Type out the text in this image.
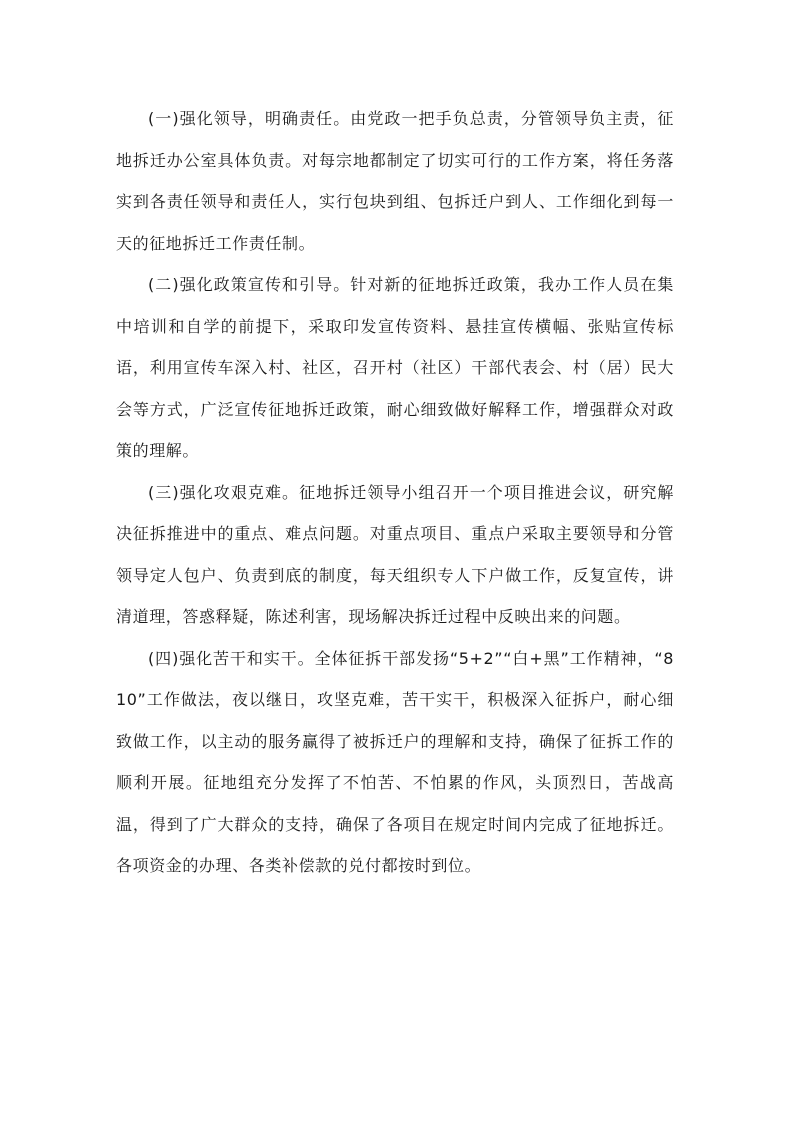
(一)强化领导，明确责任。由党政一把手负总责，分管领导负主责，征地拆迁办公室具体负责。对每宗地都制定了切实可行的工作方案，将任务落实到各责任领导和责任人，实行包块到组、包拆迁户到人、工作细化到每一天的征地拆迁工作责任制。

(二)强化政策宣传和引导。针对新的征地拆迁政策，我办工作人员在集中培训和自学的前提下，采取印发宣传资料、悬挂宣传横幅、张贴宣传标语，利用宣传车深入村、社区，召开村（社区）干部代表会、村（居）民大会等方式，广泛宣传征地拆迁政策，耐心细致做好解释工作，增强群众对政策的理解。

(三)强化攻艰克难。征地拆迁领导小组召开一个项目推进会议，研究解决征拆推进中的重点、难点问题。对重点项目、重点户采取主要领导和分管领导定人包户、负责到底的制度，每天组织专人下户做工作，反复宣传，讲清道理，答惑释疑，陈述利害，现场解决拆迁过程中反映出来的问题。

(四)强化苦干和实干。全体征拆干部发扬“5+2”“白+黑”工作精神，“810”工作做法，夜以继日，攻坚克难，苦干实干，积极深入征拆户，耐心细致做工作，以主动的服务赢得了被拆迁户的理解和支持，确保了征拆工作的顺利开展。征地组充分发挥了不怕苦、不怕累的作风，头顶烈日，苦战高温，得到了广大群众的支持，确保了各项目在规定时间内完成了征地拆迁。各项资金的办理、各类补偿款的兑付都按时到位。
